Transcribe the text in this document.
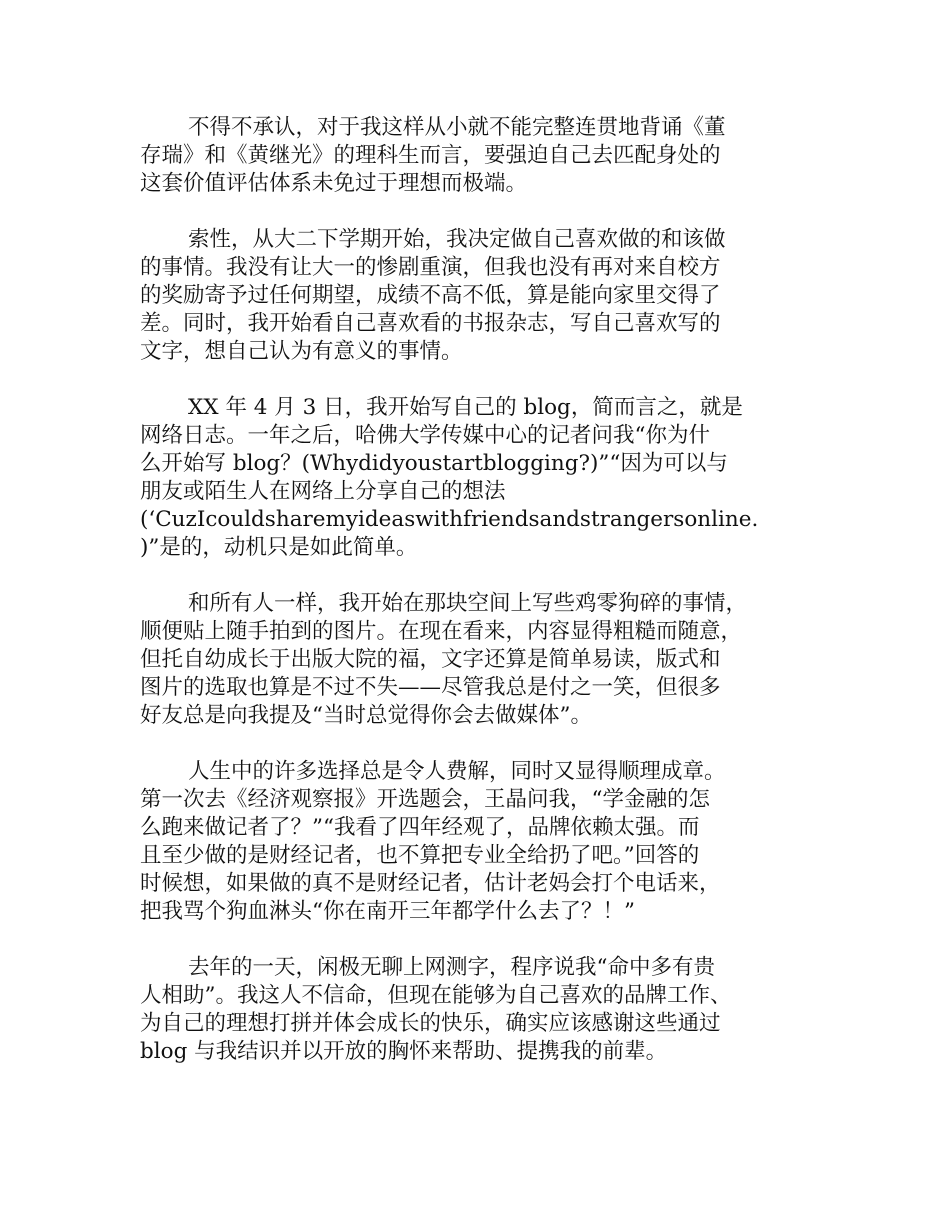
不得不承认，对于我这样从小就不能完整连贯地背诵《董
存瑞》和《黄继光》的理科生而言，要强迫自己去匹配身处的
这套价值评估体系未免过于理想而极端。
索性，从大二下学期开始，我决定做自己喜欢做的和该做
的事情。我没有让大一的惨剧重演，但我也没有再对来自校方
的奖励寄予过任何期望，成绩不高不低，算是能向家里交得了
差。同时，我开始看自己喜欢看的书报杂志，写自己喜欢写的
文字，想自己认为有意义的事情。
XX 年 4 月 3 日，我开始写自己的 blog，简而言之，就是
网络日志。一年之后，哈佛大学传媒中心的记者问我“你为什
么开始写 blog？(Whydidyoustartblogging?)”“因为可以与
朋友或陌生人在网络上分享自己的想法
(‘CuzIcouldsharemyideaswithfriendsandstrangersonline.
)”是的，动机只是如此简单。
和所有人一样，我开始在那块空间上写些鸡零狗碎的事情，
顺便贴上随手拍到的图片。在现在看来，内容显得粗糙而随意，
但托自幼成长于出版大院的福，文字还算是简单易读，版式和
图片的选取也算是不过不失——尽管我总是付之一笑，但很多
好友总是向我提及“当时总觉得你会去做媒体”。
人生中的许多选择总是令人费解，同时又显得顺理成章。
第一次去《经济观察报》开选题会，王晶问我，“学金融的怎
么跑来做记者了？”“我看了四年经观了，品牌依赖太强。而
且至少做的是财经记者，也不算把专业全给扔了吧。”回答的
时候想，如果做的真不是财经记者，估计老妈会打个电话来，
把我骂个狗血淋头“你在南开三年都学什么去了？！”
去年的一天，闲极无聊上网测字，程序说我“命中多有贵
人相助”。我这人不信命，但现在能够为自己喜欢的品牌工作、
为自己的理想打拼并体会成长的快乐，确实应该感谢这些通过
blog 与我结识并以开放的胸怀来帮助、提携我的前辈。
